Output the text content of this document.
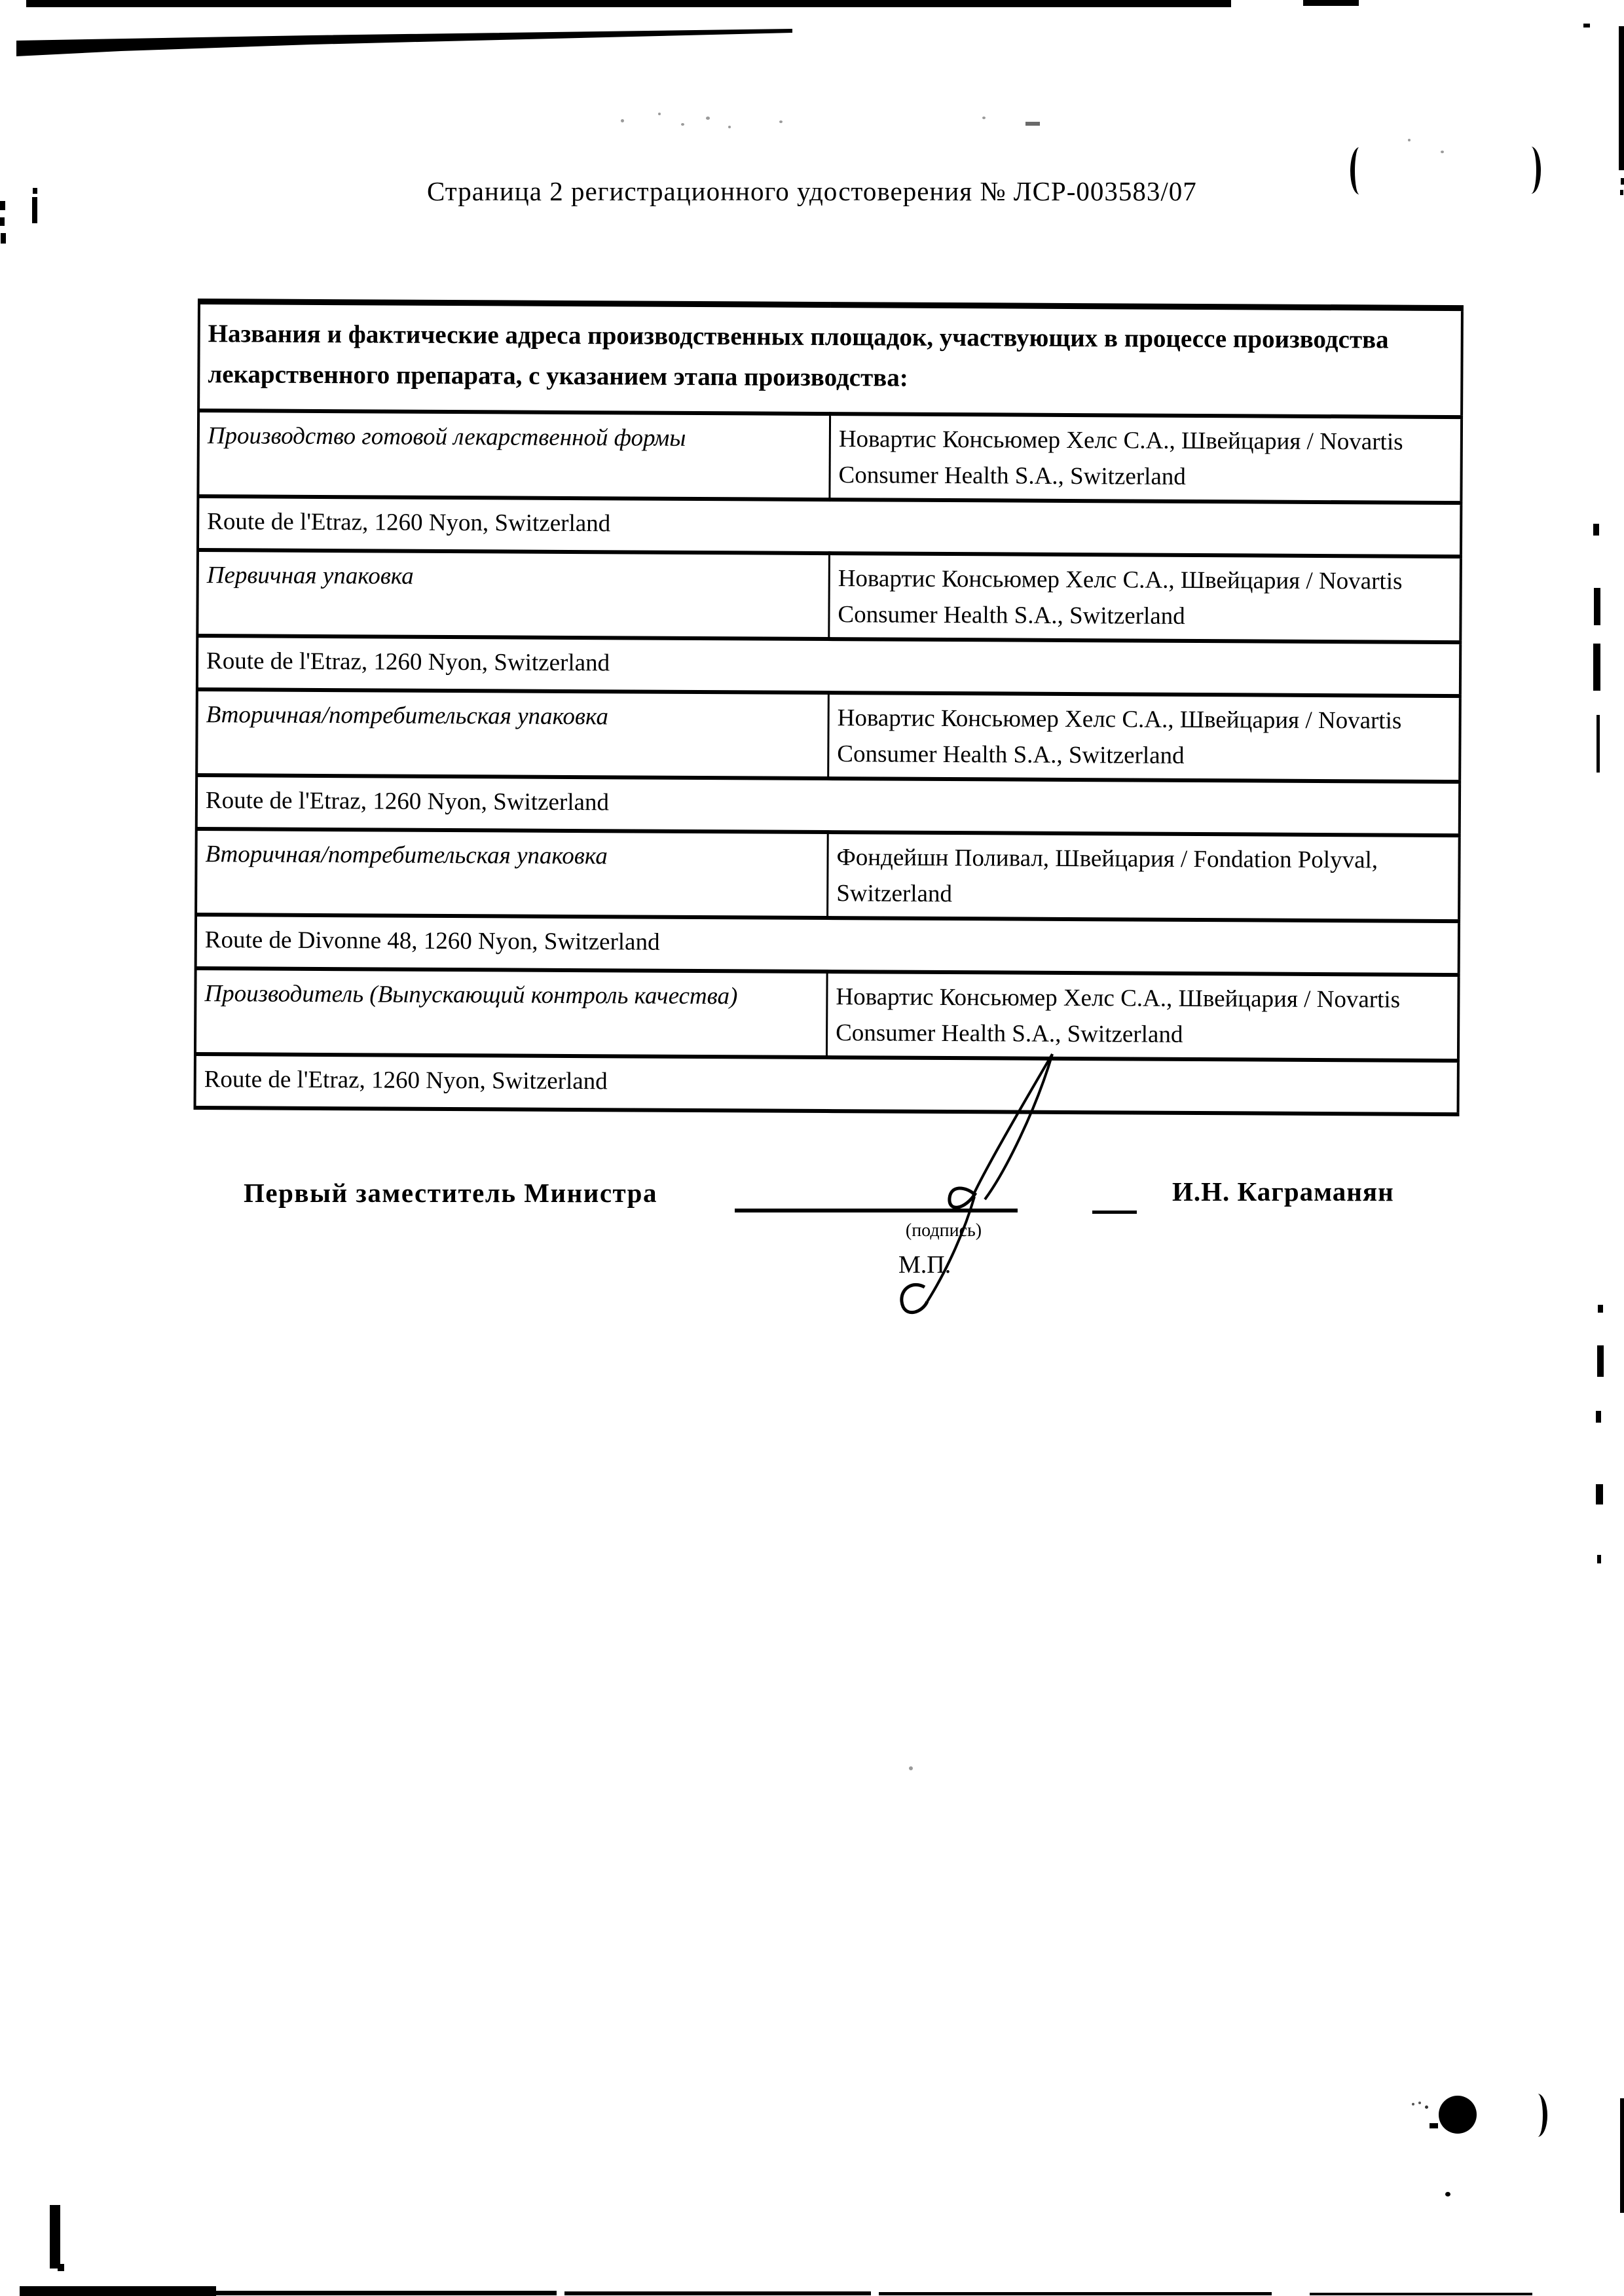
Страница 2 регистрационного удостоверения № ЛСР-003583/07
Названия и фактические адреса производственных площадок, участвующих в процессе производства лекарственного препарата, с указанием этапа производства:	
Производство готовой лекарственной формы	Новартис Консьюмер Хелс С.А., Швейцария / Novartis Consumer Health S.A., Switzerland
Route de l'Etraz, 1260 Nyon, Switzerland	
Первичная упаковка	Новартис Консьюмер Хелс С.А., Швейцария / Novartis Consumer Health S.A., Switzerland
Route de l'Etraz, 1260 Nyon, Switzerland	
Вторичная/потребительская упаковка	Новартис Консьюмер Хелс С.А., Швейцария / Novartis Consumer Health S.A., Switzerland
Route de l'Etraz, 1260 Nyon, Switzerland	
Вторичная/потребительская упаковка	Фондейшн Поливал, Швейцария / Fondation Polyval, Switzerland
Route de Divonne 48, 1260 Nyon, Switzerland	
Производитель (Выпускающий контроль качества)	Новартис Консьюмер Хелс С.А., Швейцария / Novartis Consumer Health S.A., Switzerland
Route de l'Etraz, 1260 Nyon, Switzerland	
Первый заместитель Министра
(подпись)
М.П.
И.Н. Каграманян
